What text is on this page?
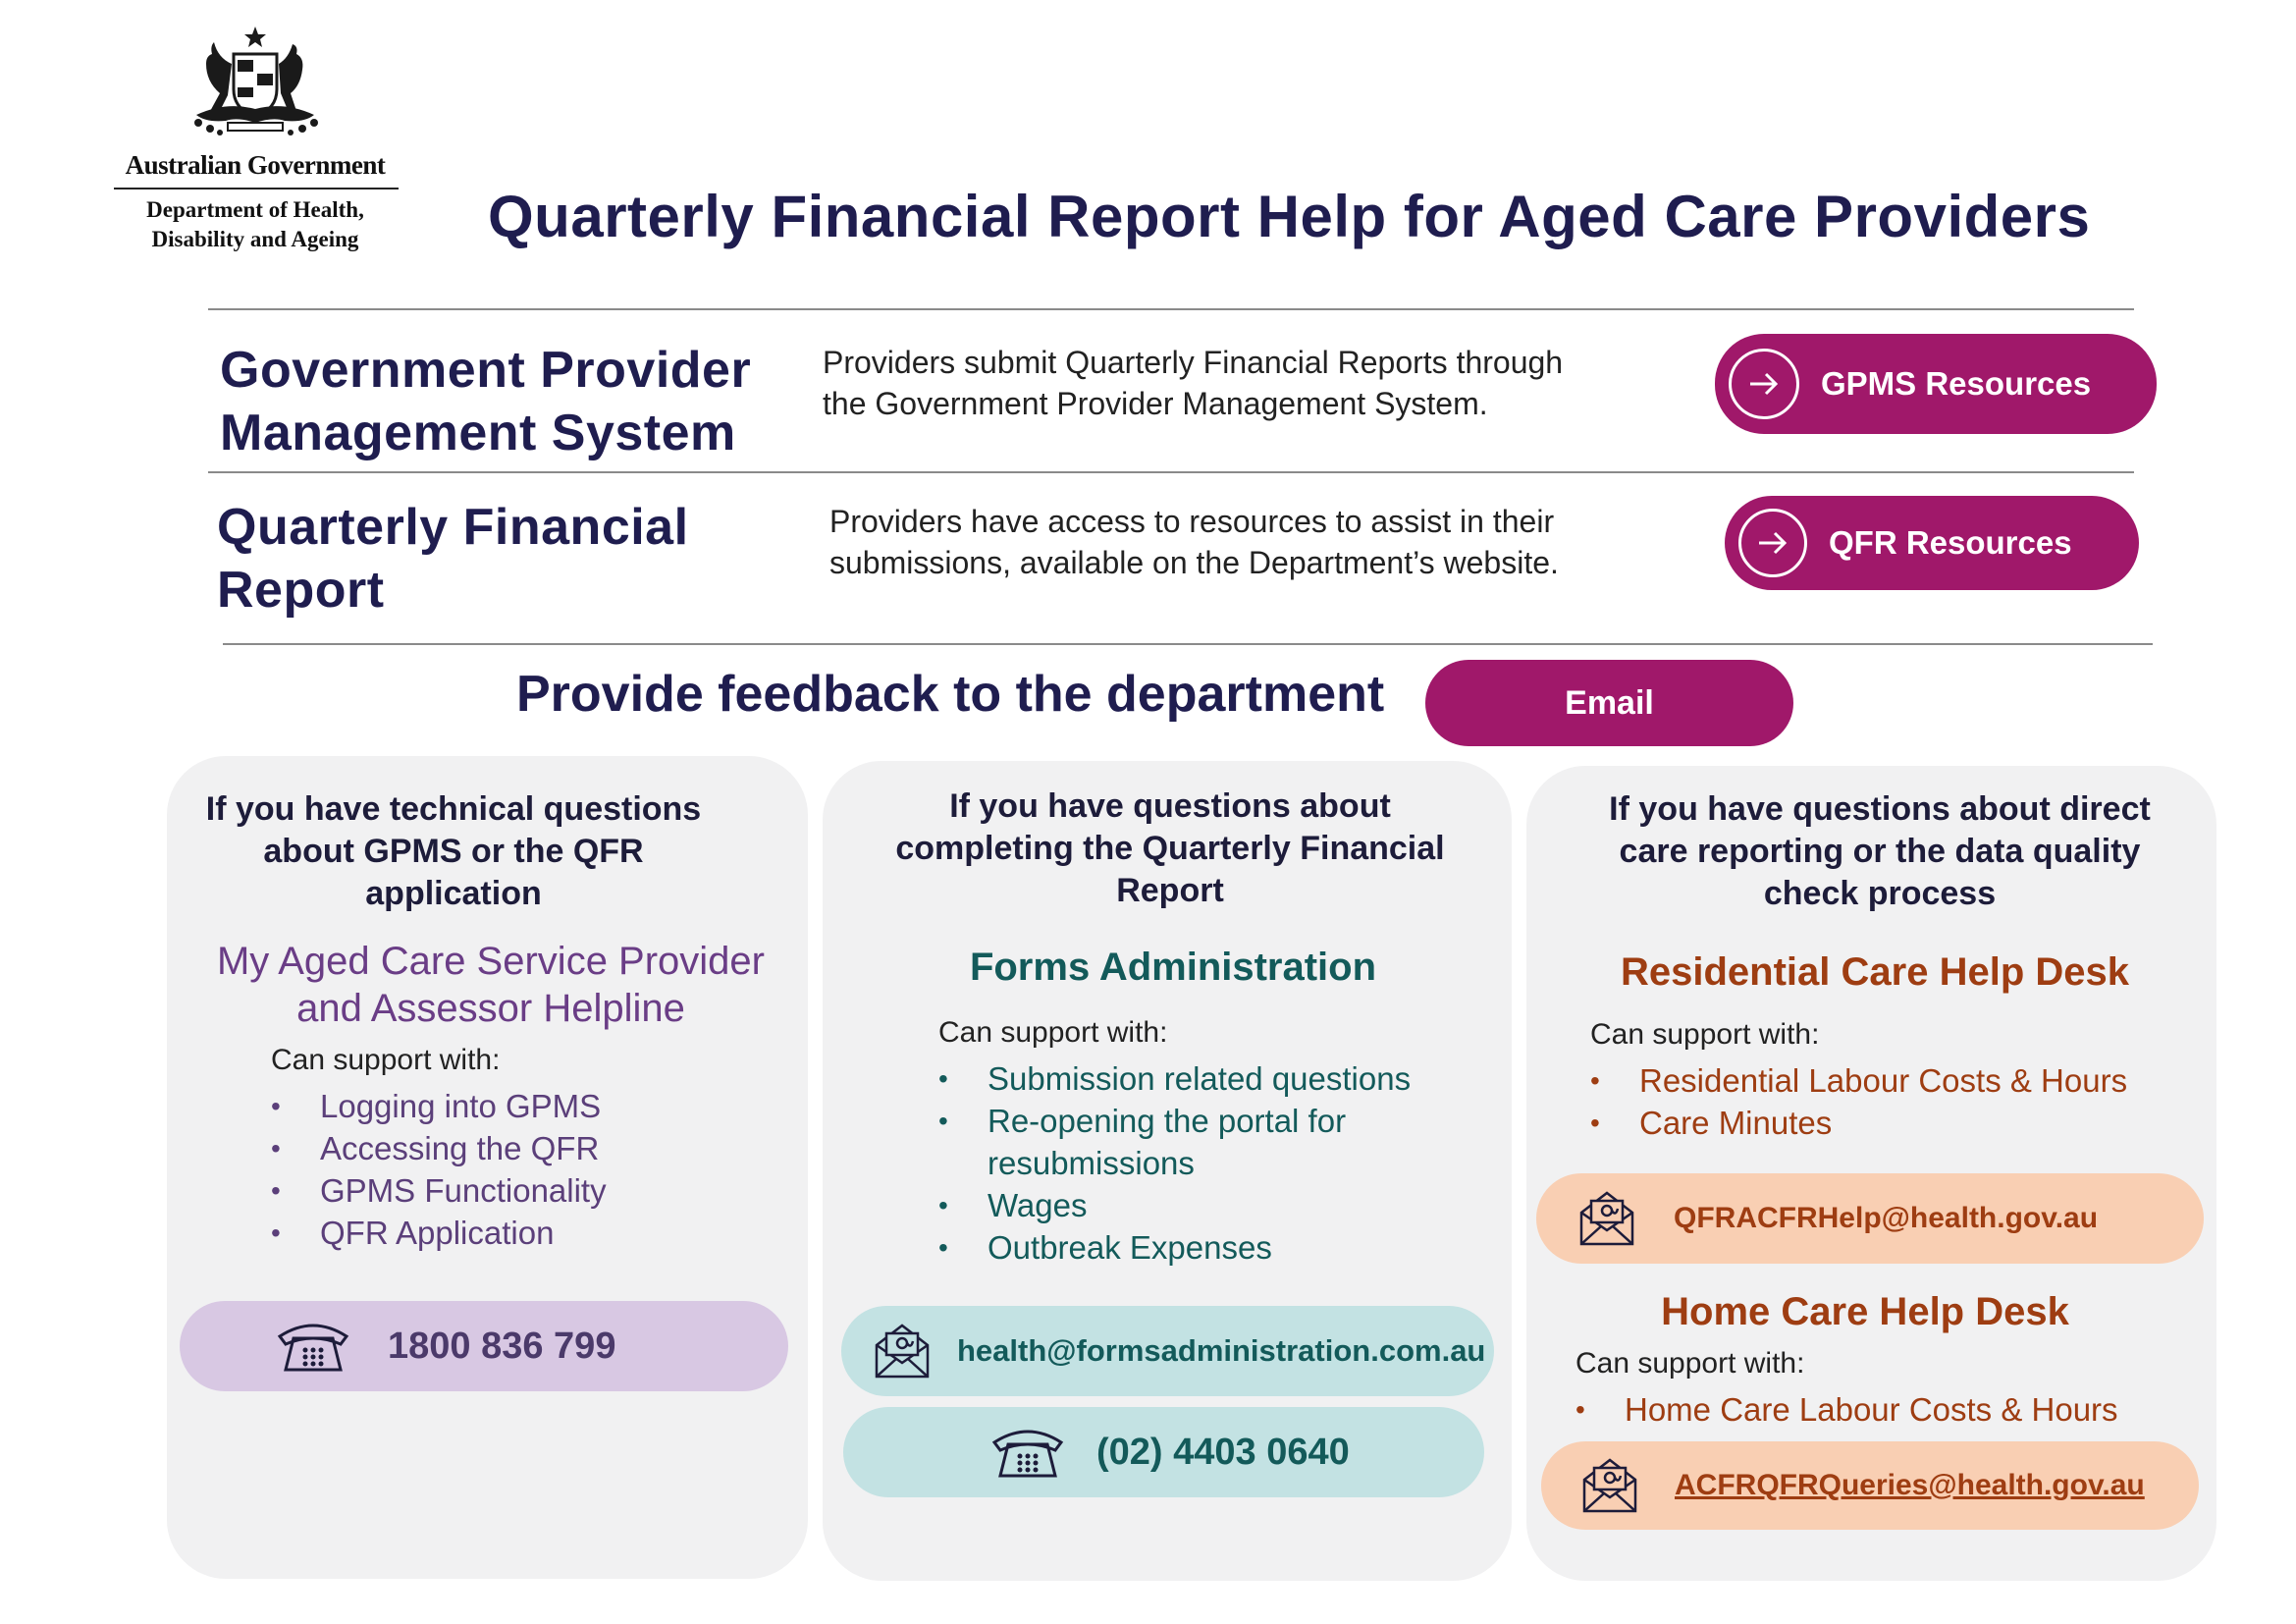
Australian Government
Department of Health,
Disability and Ageing	Quarterly Financial Report Help for Aged Care Providers
Government Provider
Management System
Providers submit Quarterly Financial Reports through the Government Provider Management System.
GPMS Resources
Quarterly Financial
Report
Providers have access to resources to assist in their submissions, available on the Department’s website.
QFR Resources
Provide feedback to the department	Email
If you have technical questions about GPMS or the QFR application
My Aged Care Service Provider and Assessor Helpline
Can support with:
• Logging into GPMS
• Accessing the QFR
• GPMS Functionality
• QFR Application
1800 836 799
If you have questions about completing the Quarterly Financial Report
Forms Administration
Can support with:
• Submission related questions
• Re-opening the portal for resubmissions
• Wages
• Outbreak Expenses
health@formsadministration.com.au
(02) 4403 0640
If you have questions about direct care reporting or the data quality check process
Residential Care Help Desk
Can support with:
• Residential Labour Costs & Hours
• Care Minutes
QFRACFRHelp@health.gov.au
Home Care Help Desk
Can support with:
• Home Care Labour Costs & Hours
ACFRQFRQueries@health.gov.au
